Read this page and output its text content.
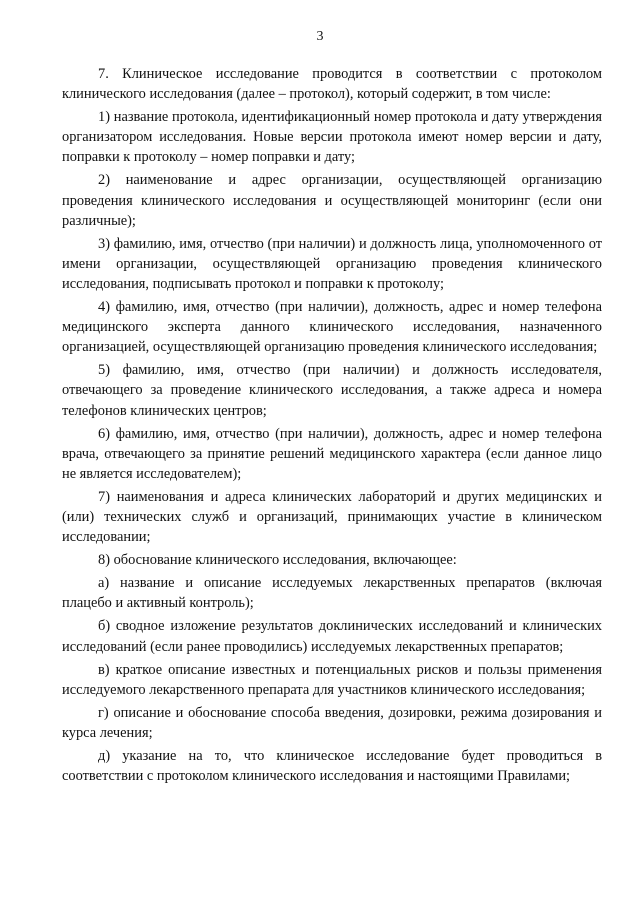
3

7. Клиническое исследование проводится в соответствии с протоколом клинического исследования (далее – протокол), который содержит, в том числе:

1) название протокола, идентификационный номер протокола и дату утверждения организатором исследования. Новые версии протокола имеют номер версии и дату, поправки к протоколу – номер поправки и дату;

2) наименование и адрес организации, осуществляющей организацию проведения клинического исследования и осуществляющей мониторинг (если они различные);

3) фамилию, имя, отчество (при наличии) и должность лица, уполномоченного от имени организации, осуществляющей организацию проведения клинического исследования, подписывать протокол и поправки к протоколу;

4) фамилию, имя, отчество (при наличии), должность, адрес и номер телефона медицинского эксперта данного клинического исследования, назначенного организацией, осуществляющей организацию проведения клинического исследования;

5) фамилию, имя, отчество (при наличии) и должность исследователя, отвечающего за проведение клинического исследования, а также адреса и номера телефонов клинических центров;

6) фамилию, имя, отчество (при наличии), должность, адрес и номер телефона врача, отвечающего за принятие решений медицинского характера (если данное лицо не является исследователем);

7) наименования и адреса клинических лабораторий и других медицинских и (или) технических служб и организаций, принимающих участие в клиническом исследовании;

8) обоснование клинического исследования, включающее:

а) название и описание исследуемых лекарственных препаратов (включая плацебо и активный контроль);

б) сводное изложение результатов доклинических исследований и клинических исследований (если ранее проводились) исследуемых лекарственных препаратов;

в) краткое описание известных и потенциальных рисков и пользы применения исследуемого лекарственного препарата для участников клинического исследования;

г) описание и обоснование способа введения, дозировки, режима дозирования и курса лечения;

д) указание на то, что клиническое исследование будет проводиться в соответствии с протоколом клинического исследования и настоящими Правилами;
